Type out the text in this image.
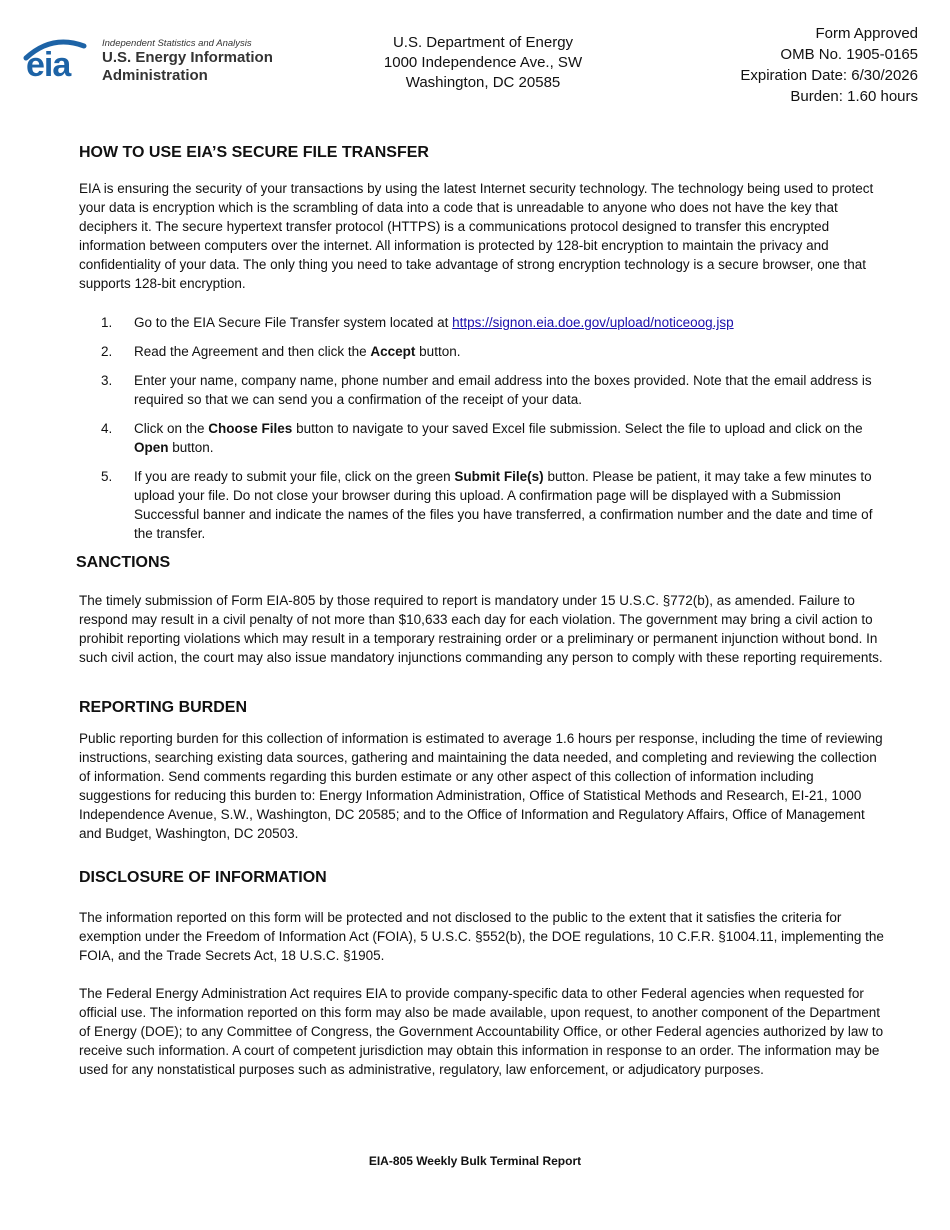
eia
Independent Statistics and Analysis
U.S. Energy Information
Administration
U.S. Department of Energy
1000 Independence Ave., SW
Washington, DC 20585
Form Approved
OMB No. 1905-0165
Expiration Date: 6/30/2026
Burden: 1.60 hours
HOW TO USE EIA’S SECURE FILE TRANSFER

EIA is ensuring the security of your transactions by using the latest Internet security technology. The technology being used to protect your data is encryption which is the scrambling of data into a code that is unreadable to anyone who does not have the key that deciphers it. The secure hypertext transfer protocol (HTTPS) is a communications protocol designed to transfer this encrypted information between computers over the internet. All information is protected by 128-bit encryption to maintain the privacy and confidentiality of your data. The only thing you need to take advantage of strong encryption technology is a secure browser, one that supports 128-bit encryption.

1. Go to the EIA Secure File Transfer system located at https://signon.eia.doe.gov/upload/noticeoog.jsp
2. Read the Agreement and then click the Accept button.
3. Enter your name, company name, phone number and email address into the boxes provided. Note that the email address is required so that we can send you a confirmation of the receipt of your data.
4. Click on the Choose Files button to navigate to your saved Excel file submission. Select the file to upload and click on the Open button.
5. If you are ready to submit your file, click on the green Submit File(s) button. Please be patient, it may take a few minutes to upload your file. Do not close your browser during this upload. A confirmation page will be displayed with a Submission Successful banner and indicate the names of the files you have transferred, a confirmation number and the date and time of the transfer.
SANCTIONS

The timely submission of Form EIA-805 by those required to report is mandatory under 15 U.S.C. §772(b), as amended. Failure to respond may result in a civil penalty of not more than $10,633 each day for each violation. The government may bring a civil action to prohibit reporting violations which may result in a temporary restraining order or a preliminary or permanent injunction without bond. In such civil action, the court may also issue mandatory injunctions commanding any person to comply with these reporting requirements.

REPORTING BURDEN

Public reporting burden for this collection of information is estimated to average 1.6 hours per response, including the time of reviewing instructions, searching existing data sources, gathering and maintaining the data needed, and completing and reviewing the collection of information. Send comments regarding this burden estimate or any other aspect of this collection of information including suggestions for reducing this burden to: Energy Information Administration, Office of Statistical Methods and Research, EI-21, 1000 Independence Avenue, S.W., Washington, DC 20585; and to the Office of Information and Regulatory Affairs, Office of Management and Budget, Washington, DC 20503.

DISCLOSURE OF INFORMATION

The information reported on this form will be protected and not disclosed to the public to the extent that it satisfies the criteria for exemption under the Freedom of Information Act (FOIA), 5 U.S.C. §552(b), the DOE regulations, 10 C.F.R. §1004.11, implementing the FOIA, and the Trade Secrets Act, 18 U.S.C. §1905.

The Federal Energy Administration Act requires EIA to provide company-specific data to other Federal agencies when requested for official use. The information reported on this form may also be made available, upon request, to another component of the Department of Energy (DOE); to any Committee of Congress, the Government Accountability Office, or other Federal agencies authorized by law to receive such information. A court of competent jurisdiction may obtain this information in response to an order. The information may be used for any nonstatistical purposes such as administrative, regulatory, law enforcement, or adjudicatory purposes.

EIA-805 Weekly Bulk Terminal Report
